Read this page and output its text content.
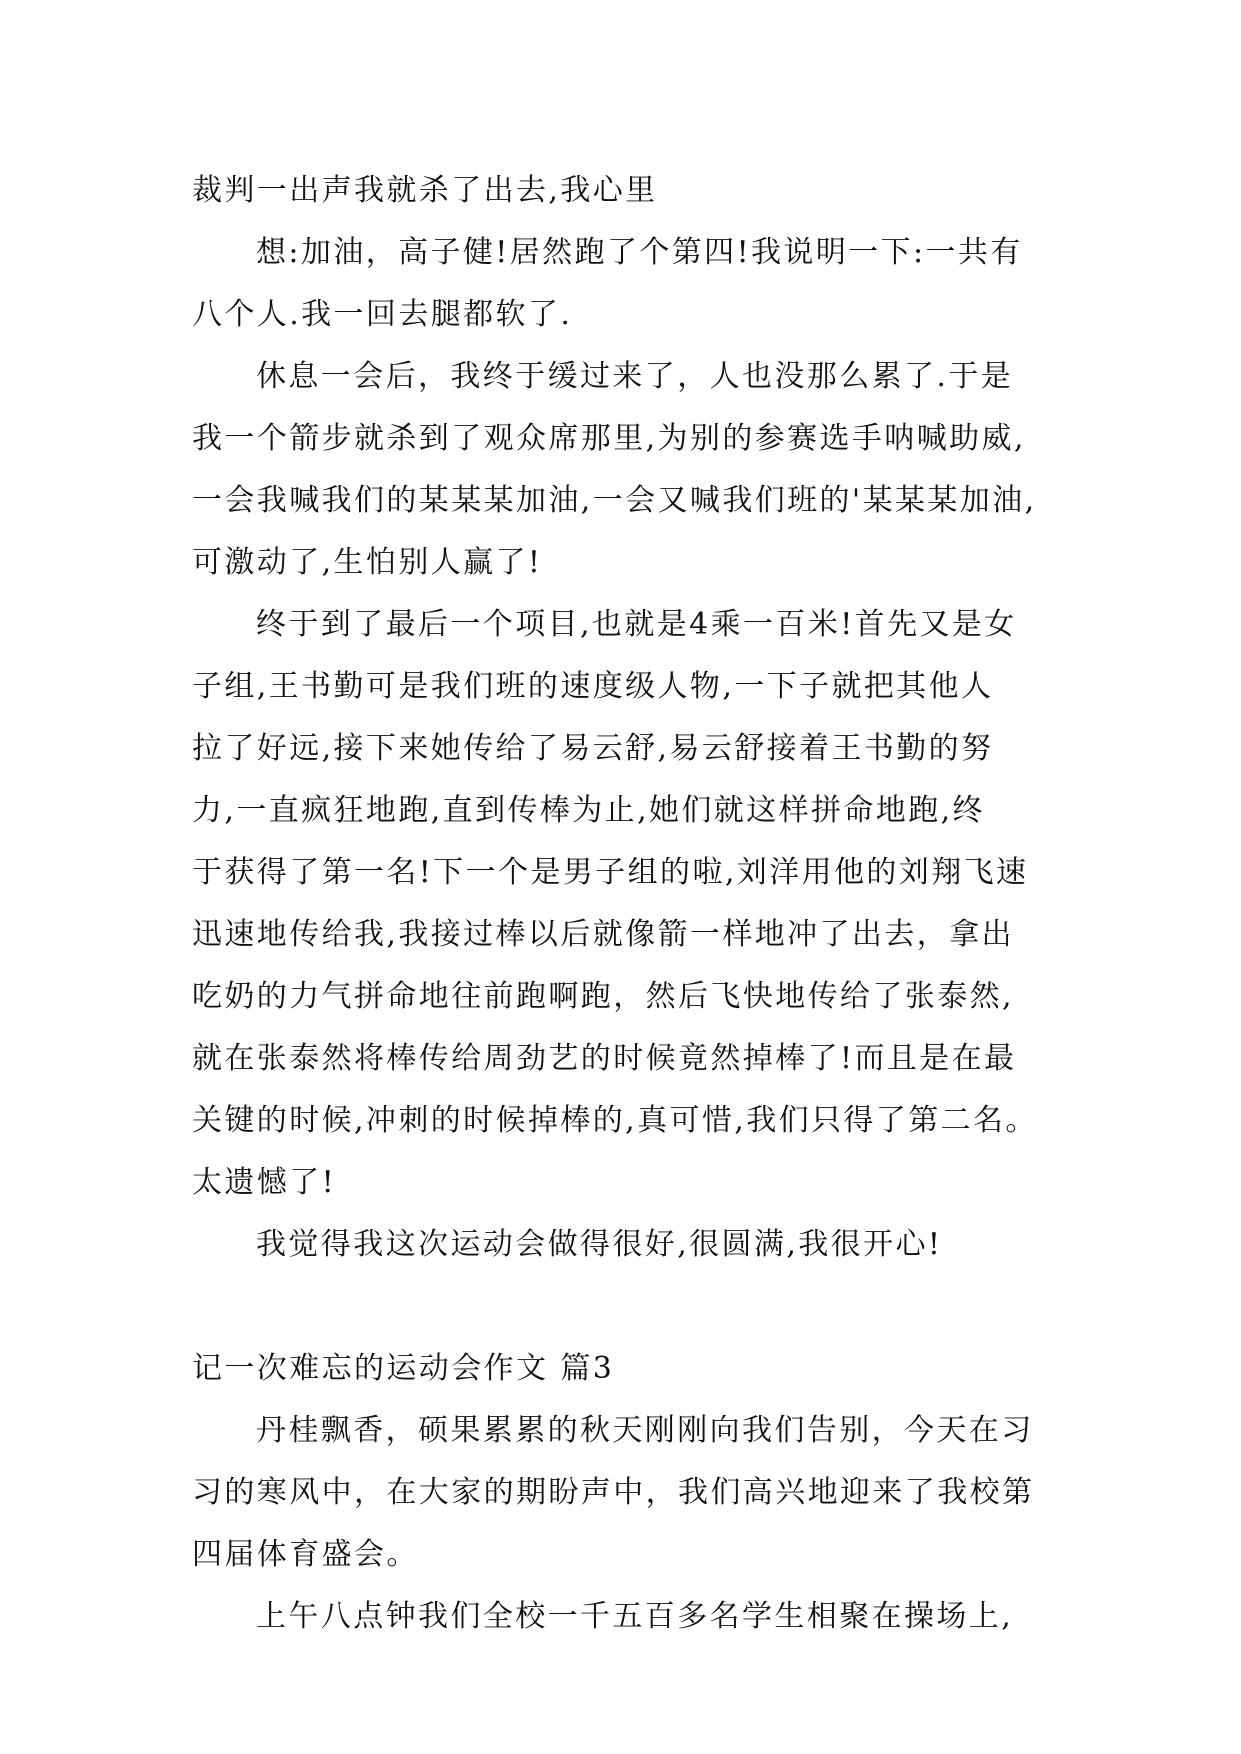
裁判一出声我就杀了出去,我心里
想:加油，高子健!居然跑了个第四!我说明一下:一共有
八个人.我一回去腿都软了.
休息一会后，我终于缓过来了，人也没那么累了.于是
我一个箭步就杀到了观众席那里,为别的参赛选手呐喊助威,
一会我喊我们的某某某加油,一会又喊我们班的'某某某加油,
可激动了,生怕别人赢了!
终于到了最后一个项目,也就是4乘一百米!首先又是女
子组,王书勤可是我们班的速度级人物,一下子就把其他人
拉了好远,接下来她传给了易云舒,易云舒接着王书勤的努
力,一直疯狂地跑,直到传棒为止,她们就这样拼命地跑,终
于获得了第一名!下一个是男子组的啦,刘洋用他的刘翔飞速
迅速地传给我,我接过棒以后就像箭一样地冲了出去，拿出
吃奶的力气拼命地往前跑啊跑，然后飞快地传给了张泰然,
就在张泰然将棒传给周劲艺的时候竟然掉棒了!而且是在最
关键的时候,冲刺的时候掉棒的,真可惜,我们只得了第二名。
太遗憾了!
我觉得我这次运动会做得很好,很圆满,我很开心!
记一次难忘的运动会作文 篇3
丹桂飘香，硕果累累的秋天刚刚向我们告别，今天在习
习的寒风中，在大家的期盼声中，我们高兴地迎来了我校第
四届体育盛会。
上午八点钟我们全校一千五百多名学生相聚在操场上,
